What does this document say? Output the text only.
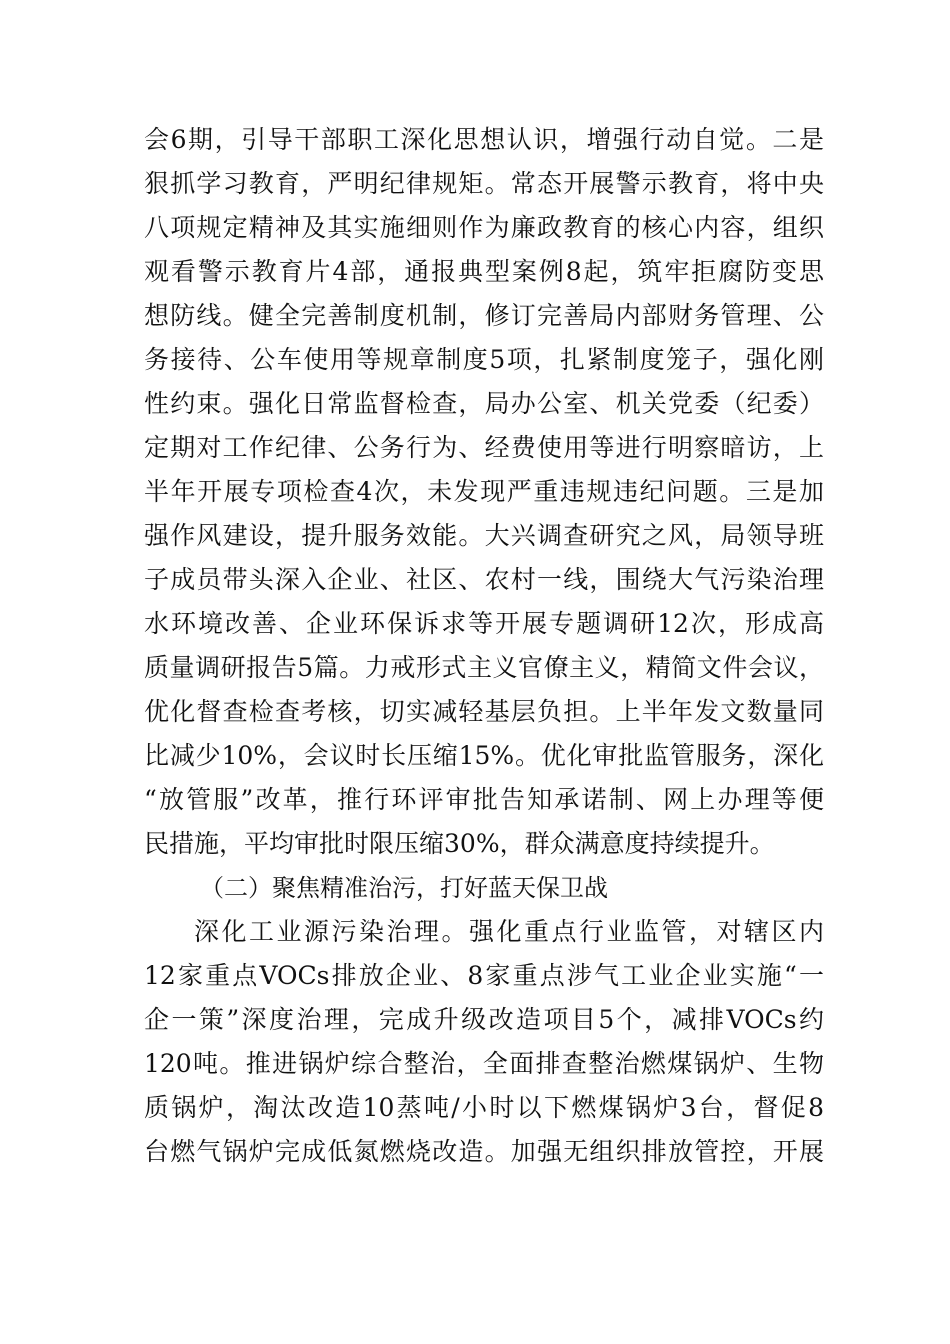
会6期，引导干部职工深化思想认识，增强行动自觉。二是
狠抓学习教育，严明纪律规矩。常态开展警示教育，将中央
八项规定精神及其实施细则作为廉政教育的核心内容，组织
观看警示教育片4部，通报典型案例8起，筑牢拒腐防变思
想防线。健全完善制度机制，修订完善局内部财务管理、公
务接待、公车使用等规章制度5项，扎紧制度笼子，强化刚
性约束。强化日常监督检查，局办公室、机关党委（纪委）
定期对工作纪律、公务行为、经费使用等进行明察暗访，上
半年开展专项检查4次，未发现严重违规违纪问题。三是加
强作风建设，提升服务效能。大兴调查研究之风，局领导班
子成员带头深入企业、社区、农村一线，围绕大气污染治理
水环境改善、企业环保诉求等开展专题调研12次，形成高
质量调研报告5篇。力戒形式主义官僚主义，精简文件会议，
优化督查检查考核，切实减轻基层负担。上半年发文数量同
比减少10%，会议时长压缩15%。优化审批监管服务，深化
“放管服”改革，推行环评审批告知承诺制、网上办理等便
民措施，平均审批时限压缩30%，群众满意度持续提升。
（二）聚焦精准治污，打好蓝天保卫战
深化工业源污染治理。强化重点行业监管，对辖区内
12家重点VOCs排放企业、8家重点涉气工业企业实施“一
企一策”深度治理，完成升级改造项目5个，减排VOCs约
120吨。推进锅炉综合整治，全面排查整治燃煤锅炉、生物
质锅炉，淘汰改造10蒸吨/小时以下燃煤锅炉3台，督促8
台燃气锅炉完成低氮燃烧改造。加强无组织排放管控，开展
